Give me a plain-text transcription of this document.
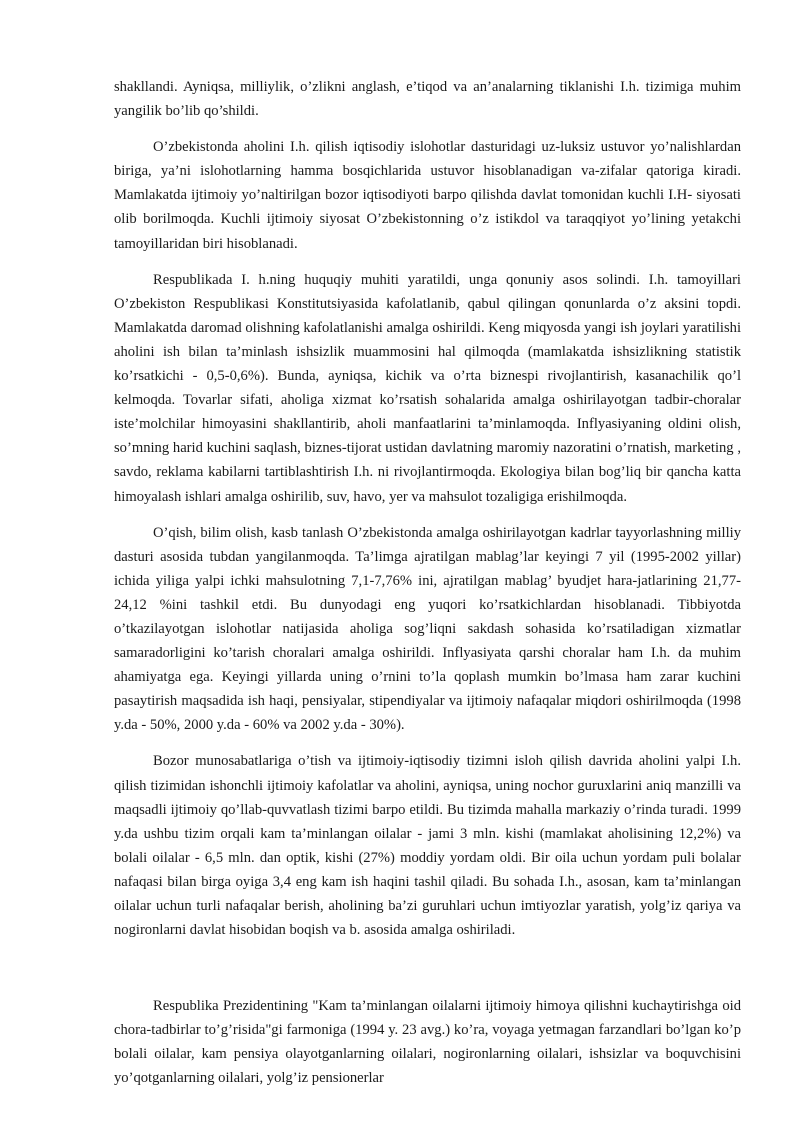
shakllandi. Ayniqsa, milliylik, o’zlikni anglash, e’tiqod va an’analarning tiklanishi I.h. tizimiga muhim yangilik bo’lib qo’shildi.

O’zbekistonda aholini I.h. qilish iqtisodiy islohotlar dasturidagi uz-luksiz ustuvor yo’nalishlardan biriga, ya’ni islohotlarning hamma bosqichlarida ustuvor hisoblanadigan va-zifalar qatoriga kiradi. Mamlakatda ijtimoiy yo’naltirilgan bozor iqtisodiyoti barpo qilishda davlat tomonidan kuchli I.H- siyosati olib borilmoqda. Kuchli ijtimoiy siyosat O’zbekistonning o’z istikdol va taraqqiyot yo’lining yetakchi tamoyillaridan biri hisoblanadi.

Respublikada I. h.ning huquqiy muhiti yaratildi, unga qonuniy asos solindi. I.h. tamoyillari O’zbekiston Respublikasi Konstitutsiyasida kafolatlanib, qabul qilingan qonunlarda o’z aksini topdi. Mamlakatda daromad olishning kafolatlanishi amalga oshirildi. Keng miqyosda yangi ish joylari yaratilishi aholini ish bilan ta’minlash ishsizlik muammosini hal qilmoqda (mamlakatda ishsizlikning statistik ko’rsatkichi - 0,5-0,6%). Bunda, ayniqsa, kichik va o’rta biznespi rivojlantirish, kasanachilik qo’l kelmoqda. Tovarlar sifati, aholiga xizmat ko’rsatish sohalarida amalga oshirilayotgan tadbir-choralar iste’molchilar himoyasini shakllantirib, aholi manfaatlarini ta’minlamoqda. Inflyasiyaning oldini olish, so’mning harid kuchini saqlash, biznes-tijorat ustidan davlatning maromiy nazoratini o’rnatish, marketing , savdo, reklama kabilarni tartiblashtirish I.h. ni rivojlantirmoqda. Ekologiya bilan bog’liq bir qancha katta himoyalash ishlari amalga oshirilib, suv, havo, yer va mahsulot tozaligiga erishilmoqda.

O’qish, bilim olish, kasb tanlash O’zbekistonda amalga oshirilayotgan kadrlar tayyorlashning milliy dasturi asosida tubdan yangilanmoqda. Ta’limga ajratilgan mablag’lar keyingi 7 yil (1995-2002 yillar) ichida yiliga yalpi ichki mahsulotning 7,1-7,76% ini, ajratilgan mablag’ byudjet hara-jatlarining 21,77-24,12 %ini tashkil etdi. Bu dunyodagi eng yuqori ko’rsatkichlardan hisoblanadi. Tibbiyotda o’tkazilayotgan islohotlar natijasida aholiga sog’liqni sakdash sohasida ko’rsatiladigan xizmatlar samaradorligini ko’tarish choralari amalga oshirildi. Inflyasiyata qarshi choralar ham I.h. da muhim ahamiyatga ega. Keyingi yillarda uning o’rnini to’la qoplash mumkin bo’lmasa ham zarar kuchini pasaytirish maqsadida ish haqi, pensiyalar, stipendiyalar va ijtimoiy nafaqalar miqdori oshirilmoqda (1998 y.da - 50%, 2000 y.da - 60% va 2002 y.da - 30%).

Bozor munosabatlariga o’tish va ijtimoiy-iqtisodiy tizimni isloh qilish davrida aholini yalpi I.h. qilish tizimidan ishonchli ijtimoiy kafolatlar va aholini, ayniqsa, uning nochor guruxlarini aniq manzilli va maqsadli ijtimoiy qo’llab-quvvatlash tizimi barpo etildi. Bu tizimda mahalla markaziy o’rinda turadi. 1999 y.da ushbu tizim orqali kam ta’minlangan oilalar - jami 3 mln. kishi (mamlakat aholisining 12,2%) va bolali oilalar - 6,5 mln. dan optik, kishi (27%) moddiy yordam oldi. Bir oila uchun yordam puli bolalar nafaqasi bilan birga oyiga 3,4 eng kam ish haqini tashil qiladi. Bu sohada I.h., asosan, kam ta’minlangan oilalar uchun turli nafaqalar berish, aholining ba’zi guruhlari uchun imtiyozlar yaratish, yolg’iz qariya va nogironlarni davlat hisobidan boqish va b. asosida amalga oshiriladi.

Respublika Prezidentining "Kam ta’minlangan oilalarni ijtimoiy himoya qilishni kuchaytirishga oid chora-tadbirlar to’g’risida"gi farmoniga (1994 y. 23 avg.) ko’ra, voyaga yetmagan farzandlari bo’lgan ko’p bolali oilalar, kam pensiya olayotganlarning oilalari, nogironlarning oilalari, ishsizlar va boquvchisini yo’qotganlarning oilalari, yolg’iz pensionerlar
